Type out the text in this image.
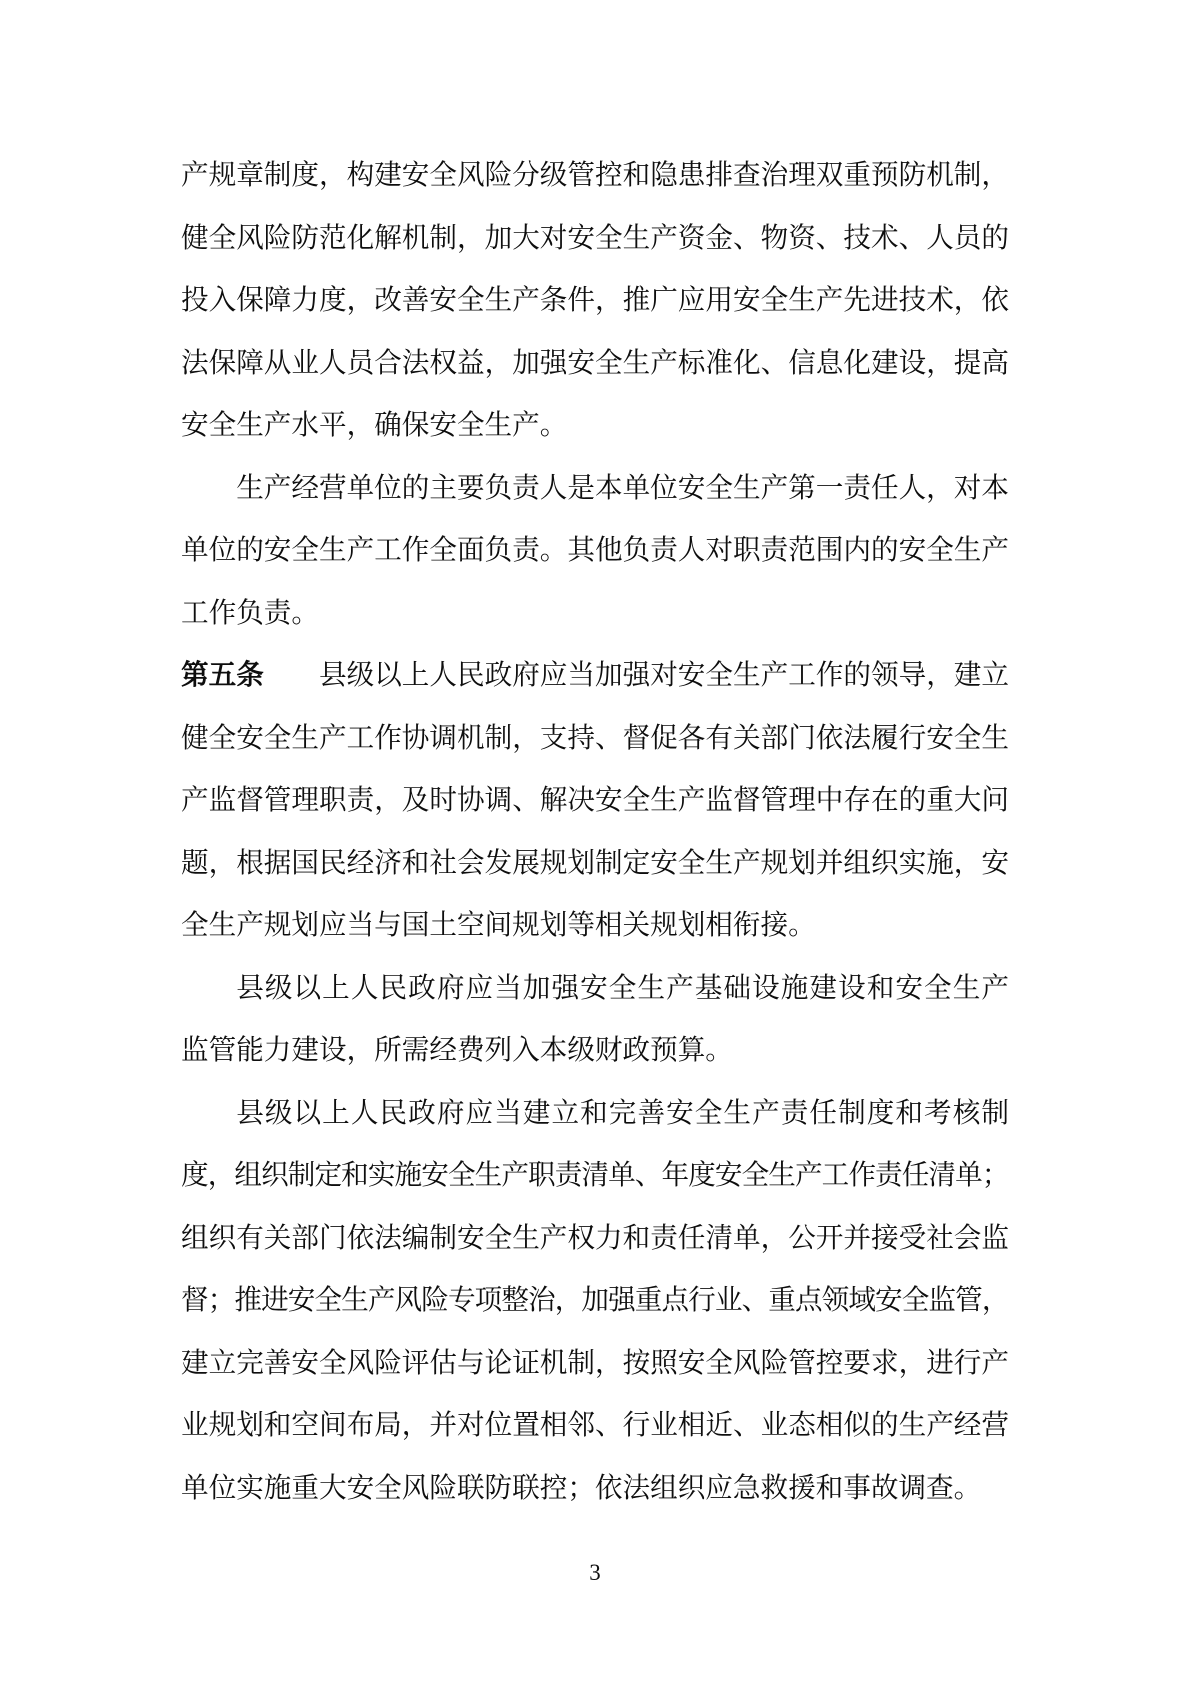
产规章制度，构建安全风险分级管控和隐患排查治理双重预防机制，
健全风险防范化解机制，加大对安全生产资金、物资、技术、人员的
投入保障力度，改善安全生产条件，推广应用安全生产先进技术，依
法保障从业人员合法权益，加强安全生产标准化、信息化建设，提高
安全生产水平，确保安全生产。
生产经营单位的主要负责人是本单位安全生产第一责任人，对本
单位的安全生产工作全面负责。其他负责人对职责范围内的安全生产
工作负责。
第五条　　县级以上人民政府应当加强对安全生产工作的领导，建立
健全安全生产工作协调机制，支持、督促各有关部门依法履行安全生
产监督管理职责，及时协调、解决安全生产监督管理中存在的重大问
题，根据国民经济和社会发展规划制定安全生产规划并组织实施，安
全生产规划应当与国土空间规划等相关规划相衔接。
县级以上人民政府应当加强安全生产基础设施建设和安全生产
监管能力建设，所需经费列入本级财政预算。
县级以上人民政府应当建立和完善安全生产责任制度和考核制
度，组织制定和实施安全生产职责清单、年度安全生产工作责任清单；
组织有关部门依法编制安全生产权力和责任清单，公开并接受社会监
督；推进安全生产风险专项整治，加强重点行业、重点领域安全监管，
建立完善安全风险评估与论证机制，按照安全风险管控要求，进行产
业规划和空间布局，并对位置相邻、行业相近、业态相似的生产经营
单位实施重大安全风险联防联控；依法组织应急救援和事故调查。
3
